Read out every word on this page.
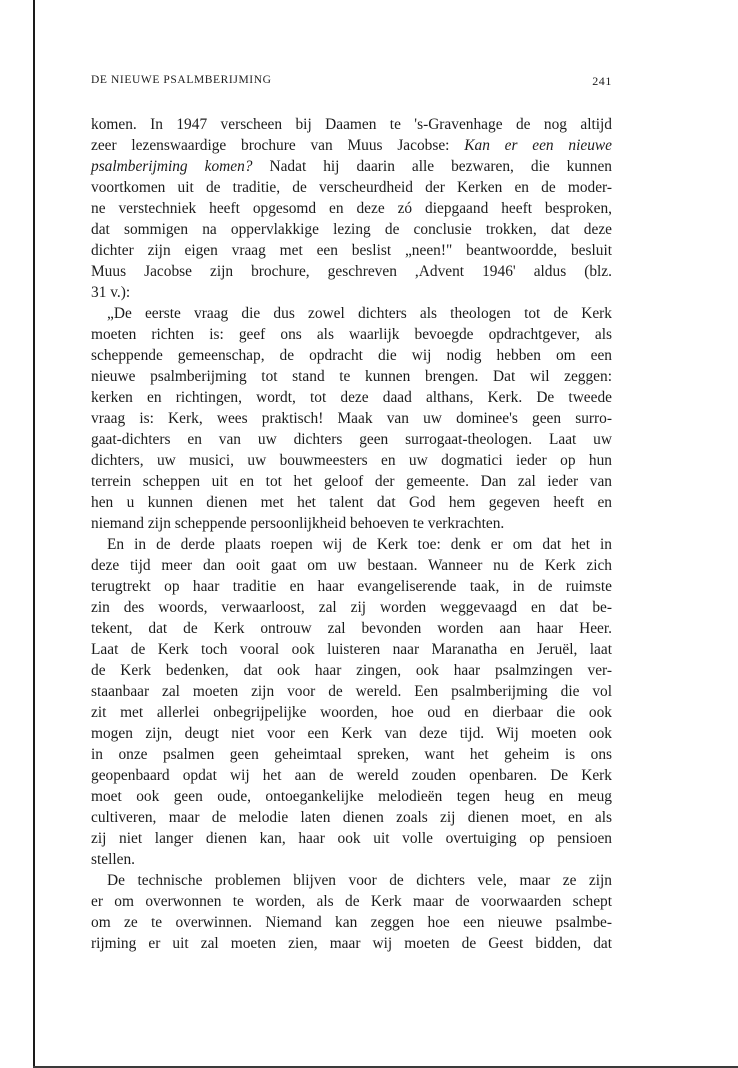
DE NIEUWE PSALMBERIJMING	241
komen. In 1947 verscheen bij Daamen te 's-Gravenhage de nog altijd
zeer lezenswaardige brochure van Muus Jacobse: Kan er een nieuwe
psalmberijming komen? Nadat hij daarin alle bezwaren, die kunnen
voortkomen uit de traditie, de verscheurdheid der Kerken en de moder-
ne verstechniek heeft opgesomd en deze zó diepgaand heeft besproken,
dat sommigen na oppervlakkige lezing de conclusie trokken, dat deze
dichter zijn eigen vraag met een beslist „neen!" beantwoordde, besluit
Muus Jacobse zijn brochure, geschreven ,Advent 1946' aldus (blz.
31 v.):
„De eerste vraag die dus zowel dichters als theologen tot de Kerk
moeten richten is: geef ons als waarlijk bevoegde opdrachtgever, als
scheppende gemeenschap, de opdracht die wij nodig hebben om een
nieuwe psalmberijming tot stand te kunnen brengen. Dat wil zeggen:
kerken en richtingen, wordt, tot deze daad althans, Kerk. De tweede
vraag is: Kerk, wees praktisch! Maak van uw dominee's geen surro-
gaat-dichters en van uw dichters geen surrogaat-theologen. Laat uw
dichters, uw musici, uw bouwmeesters en uw dogmatici ieder op hun
terrein scheppen uit en tot het geloof der gemeente. Dan zal ieder van
hen u kunnen dienen met het talent dat God hem gegeven heeft en
niemand zijn scheppende persoonlijkheid behoeven te verkrachten.
En in de derde plaats roepen wij de Kerk toe: denk er om dat het in
deze tijd meer dan ooit gaat om uw bestaan. Wanneer nu de Kerk zich
terugtrekt op haar traditie en haar evangeliserende taak, in de ruimste
zin des woords, verwaarloost, zal zij worden weggevaagd en dat be-
tekent, dat de Kerk ontrouw zal bevonden worden aan haar Heer.
Laat de Kerk toch vooral ook luisteren naar Maranatha en Jeruël, laat
de Kerk bedenken, dat ook haar zingen, ook haar psalmzingen ver-
staanbaar zal moeten zijn voor de wereld. Een psalmberijming die vol
zit met allerlei onbegrijpelijke woorden, hoe oud en dierbaar die ook
mogen zijn, deugt niet voor een Kerk van deze tijd. Wij moeten ook
in onze psalmen geen geheimtaal spreken, want het geheim is ons
geopenbaard opdat wij het aan de wereld zouden openbaren. De Kerk
moet ook geen oude, ontoegankelijke melodieën tegen heug en meug
cultiveren, maar de melodie laten dienen zoals zij dienen moet, en als
zij niet langer dienen kan, haar ook uit volle overtuiging op pensioen
stellen.
De technische problemen blijven voor de dichters vele, maar ze zijn
er om overwonnen te worden, als de Kerk maar de voorwaarden schept
om ze te overwinnen. Niemand kan zeggen hoe een nieuwe psalmbe-
rijming er uit zal moeten zien, maar wij moeten de Geest bidden, dat
